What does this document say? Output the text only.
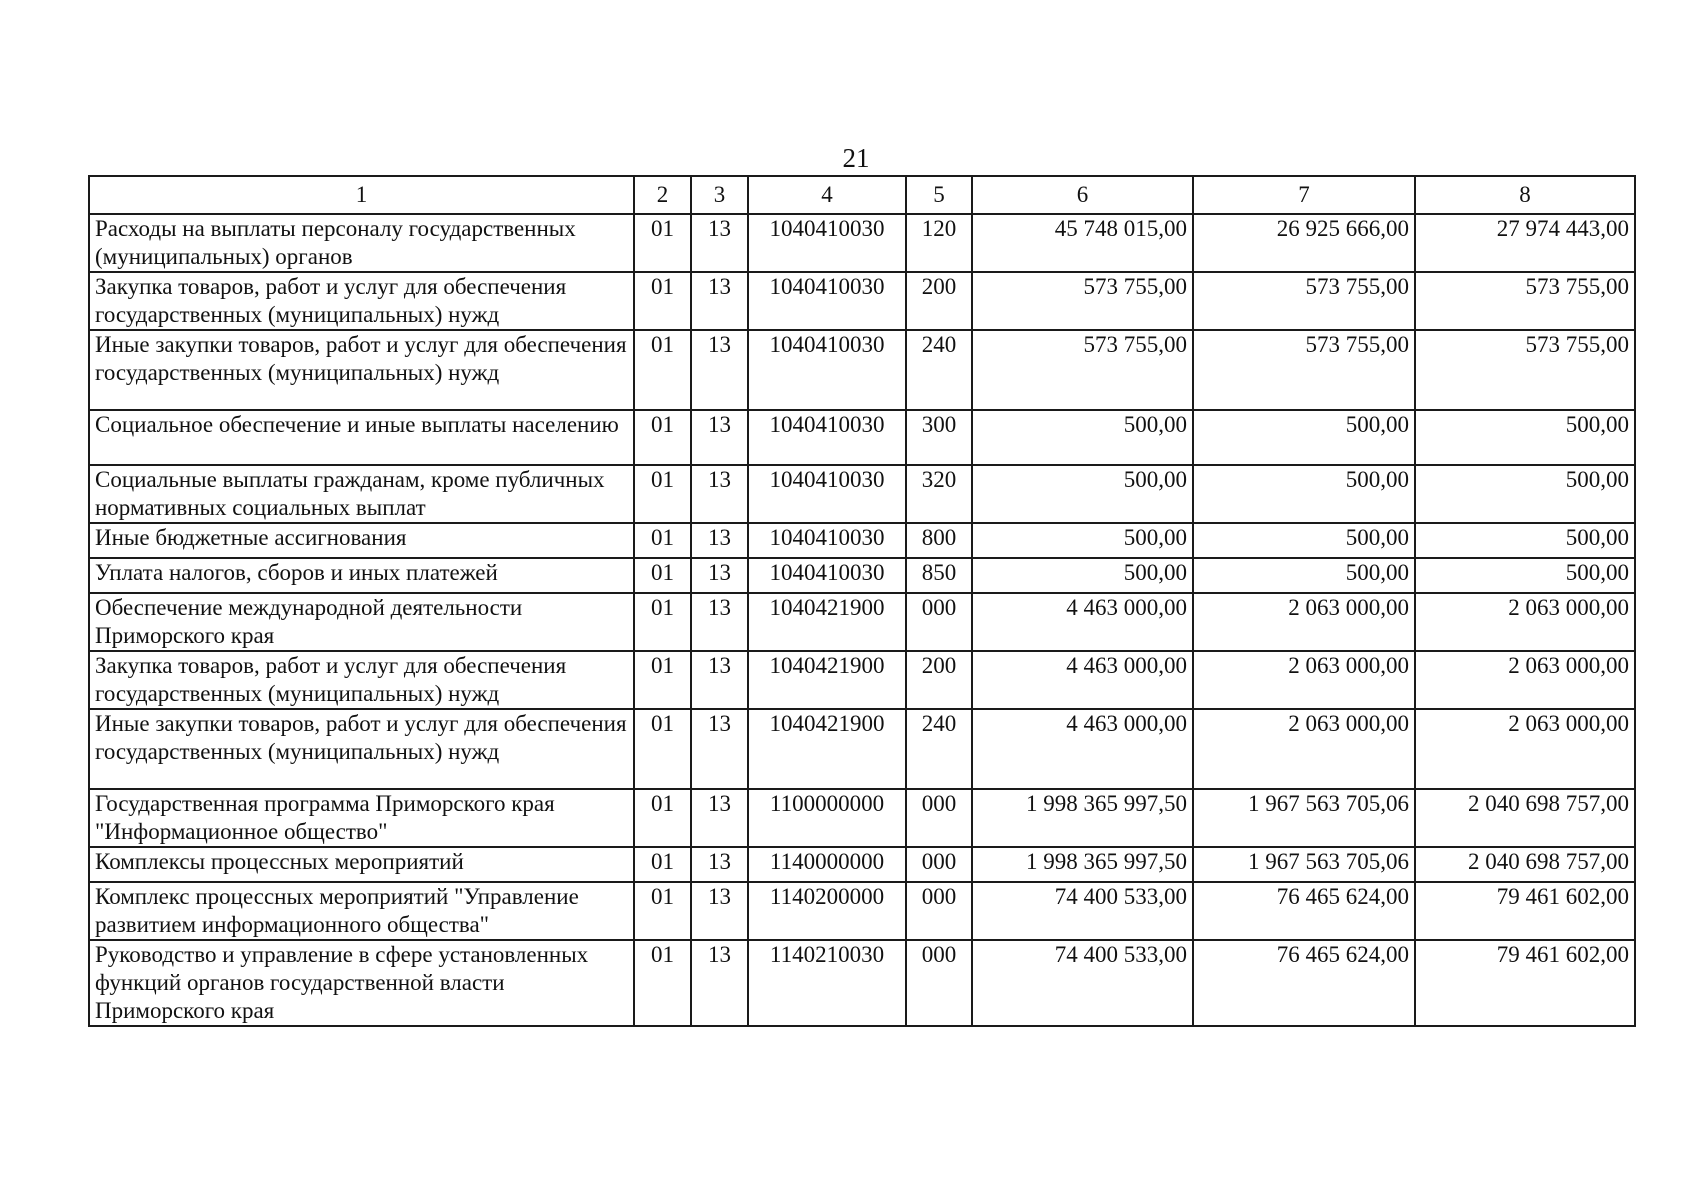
21
1	2	3	4	5	6	7	8
Расходы на выплаты персоналу государственных (муниципальных) органов	01	13	1040410030	120	45 748 015,00	26 925 666,00	27 974 443,00
Закупка товаров, работ и услуг для обеспечения государственных (муниципальных) нужд	01	13	1040410030	200	573 755,00	573 755,00	573 755,00
Иные закупки товаров, работ и услуг для обеспечения государственных (муниципальных) нужд	01	13	1040410030	240	573 755,00	573 755,00	573 755,00
Социальное обеспечение и иные выплаты населению	01	13	1040410030	300	500,00	500,00	500,00
Социальные выплаты гражданам, кроме публичных нормативных социальных выплат	01	13	1040410030	320	500,00	500,00	500,00
Иные бюджетные ассигнования	01	13	1040410030	800	500,00	500,00	500,00
Уплата налогов, сборов и иных платежей	01	13	1040410030	850	500,00	500,00	500,00
Обеспечение международной деятельности Приморского края	01	13	1040421900	000	4 463 000,00	2 063 000,00	2 063 000,00
Закупка товаров, работ и услуг для обеспечения государственных (муниципальных) нужд	01	13	1040421900	200	4 463 000,00	2 063 000,00	2 063 000,00
Иные закупки товаров, работ и услуг для обеспечения государственных (муниципальных) нужд	01	13	1040421900	240	4 463 000,00	2 063 000,00	2 063 000,00
Государственная программа Приморского края "Информационное общество"	01	13	1100000000	000	1 998 365 997,50	1 967 563 705,06	2 040 698 757,00
Комплексы процессных мероприятий	01	13	1140000000	000	1 998 365 997,50	1 967 563 705,06	2 040 698 757,00
Комплекс процессных мероприятий "Управление развитием информационного общества"	01	13	1140200000	000	74 400 533,00	76 465 624,00	79 461 602,00
Руководство и управление в сфере установленных функций органов государственной власти Приморского края	01	13	1140210030	000	74 400 533,00	76 465 624,00	79 461 602,00
